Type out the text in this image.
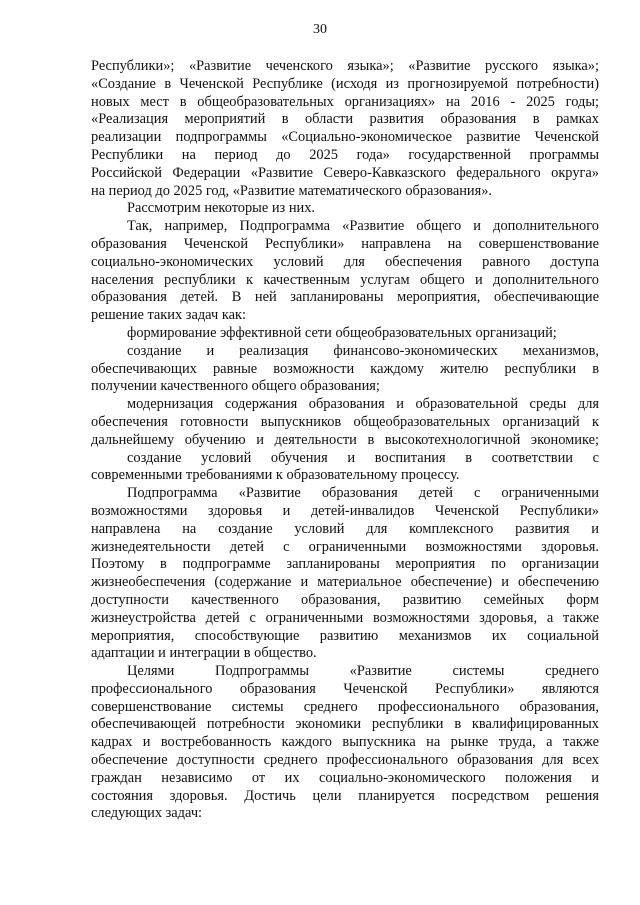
30
Республики»; «Развитие чеченского языка»; «Развитие русского языка»;
«Создание в Чеченской Республике (исходя из прогнозируемой потребности)
новых мест в общеобразовательных организациях» на 2016 - 2025 годы;
«Реализация мероприятий в области развития образования в рамках
реализации подпрограммы «Социально-экономическое развитие Чеченской
Республики на период до 2025 года» государственной программы
Российской Федерации «Развитие Северо-Кавказского федерального округа»
на период до 2025 год, «Развитие математического образования».
Рассмотрим некоторые из них.
Так, например, Подпрограмма «Развитие общего и дополнительного
образования Чеченской Республики» направлена на совершенствование
социально-экономических условий для обеспечения равного доступа
населения республики к качественным услугам общего и дополнительного
образования детей. В ней запланированы мероприятия, обеспечивающие
решение таких задач как:
формирование эффективной сети общеобразовательных организаций;
создание и реализация финансово-экономических механизмов,
обеспечивающих равные возможности каждому жителю республики в
получении качественного общего образования;
модернизация содержания образования и образовательной среды для
обеспечения готовности выпускников общеобразовательных организаций к
дальнейшему обучению и деятельности в высокотехнологичной экономике;
создание условий обучения и воспитания в соответствии с
современными требованиями к образовательному процессу.
Подпрограмма «Развитие образования детей с ограниченными
возможностями здоровья и детей-инвалидов Чеченской Республики»
направлена на создание условий для комплексного развития и
жизнедеятельности детей с ограниченными возможностями здоровья.
Поэтому в подпрограмме запланированы мероприятия по организации
жизнеобеспечения (содержание и материальное обеспечение) и обеспечению
доступности качественного образования, развитию семейных форм
жизнеустройства детей с ограниченными возможностями здоровья, а также
мероприятия, способствующие развитию механизмов их социальной
адаптации и интеграции в общество.
Целями Подпрограммы «Развитие системы среднего
профессионального образования Чеченской Республики» являются
совершенствование системы среднего профессионального образования,
обеспечивающей потребности экономики республики в квалифицированных
кадрах и востребованность каждого выпускника на рынке труда, а также
обеспечение доступности среднего профессионального образования для всех
граждан независимо от их социально-экономического положения и
состояния здоровья. Достичь цели планируется посредством решения
следующих задач:
